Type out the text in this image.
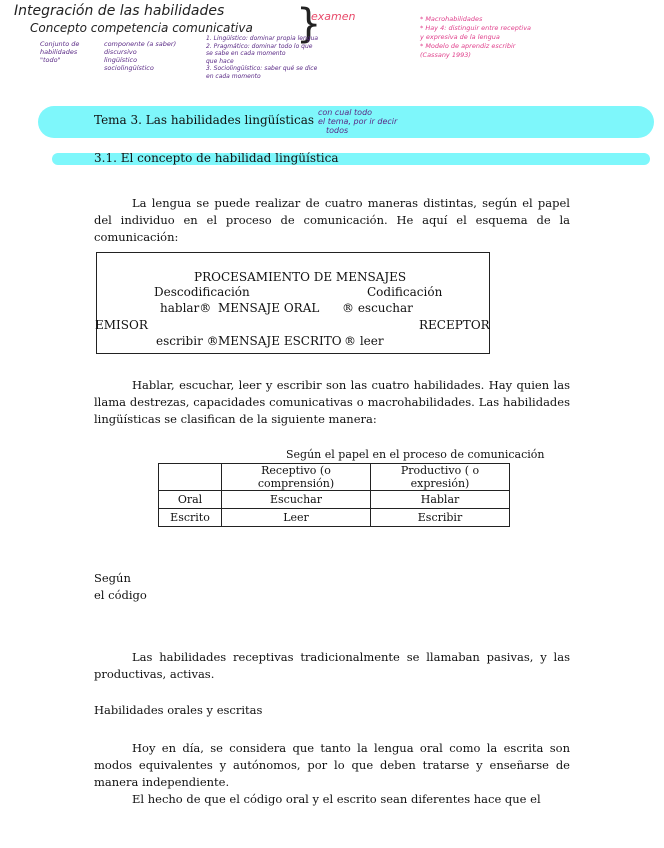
Integración de las habilidades
Concepto competencia comunicativa }
examen
Conjunto de
habilidades
"todo"
componente (a saber)
discursivo
lingüístico
sociolingüístico
1. Lingüístico: dominar propia lengua
2. Pragmático: dominar todo lo que
se sabe en cada momento
que hace
3. Sociolingüístico: saber qué se dice
en cada momento
* Macrohabilidades
* Hay 4: distinguir entre receptiva
y expresiva de la lengua
* Modelo de aprendiz escribir
(Cassany 1993)
Tema 3. Las habilidades lingüísticas
con cual todo
el tema, por ir decir
todos
3.1. El concepto de habilidad lingüística

La lengua se puede realizar de cuatro maneras distintas, según el papel del individuo en el proceso de comunicación. He aquí el esquema de la comunicación:

PROCESAMIENTO DE MENSAJES
Descodificación	Codificación
hablar® MENSAJE ORAL ® escuchar
EMISOR	RECEPTOR
escribir ® MENSAJE ESCRITO ® leer

Hablar, escuchar, leer y escribir son las cuatro habilidades. Hay quien las llama destrezas, capacidades comunicativas o macrohabilidades. Las habilidades lingüísticas se clasifican de la siguiente manera:

Según el papel en el proceso de comunicación
	Receptivo (o comprensión)	Productivo ( o expresión)
Oral	Escuchar	Hablar
Escrito	Leer	Escribir
Según
el código

Las habilidades receptivas tradicionalmente se llamaban pasivas, y las productivas, activas.

Habilidades orales y escritas

Hoy en día, se considera que tanto la lengua oral como la escrita son modos equivalentes y autónomos, por lo que deben tratarse y enseñarse de manera independiente.

El hecho de que el código oral y el escrito sean diferentes hace que el
